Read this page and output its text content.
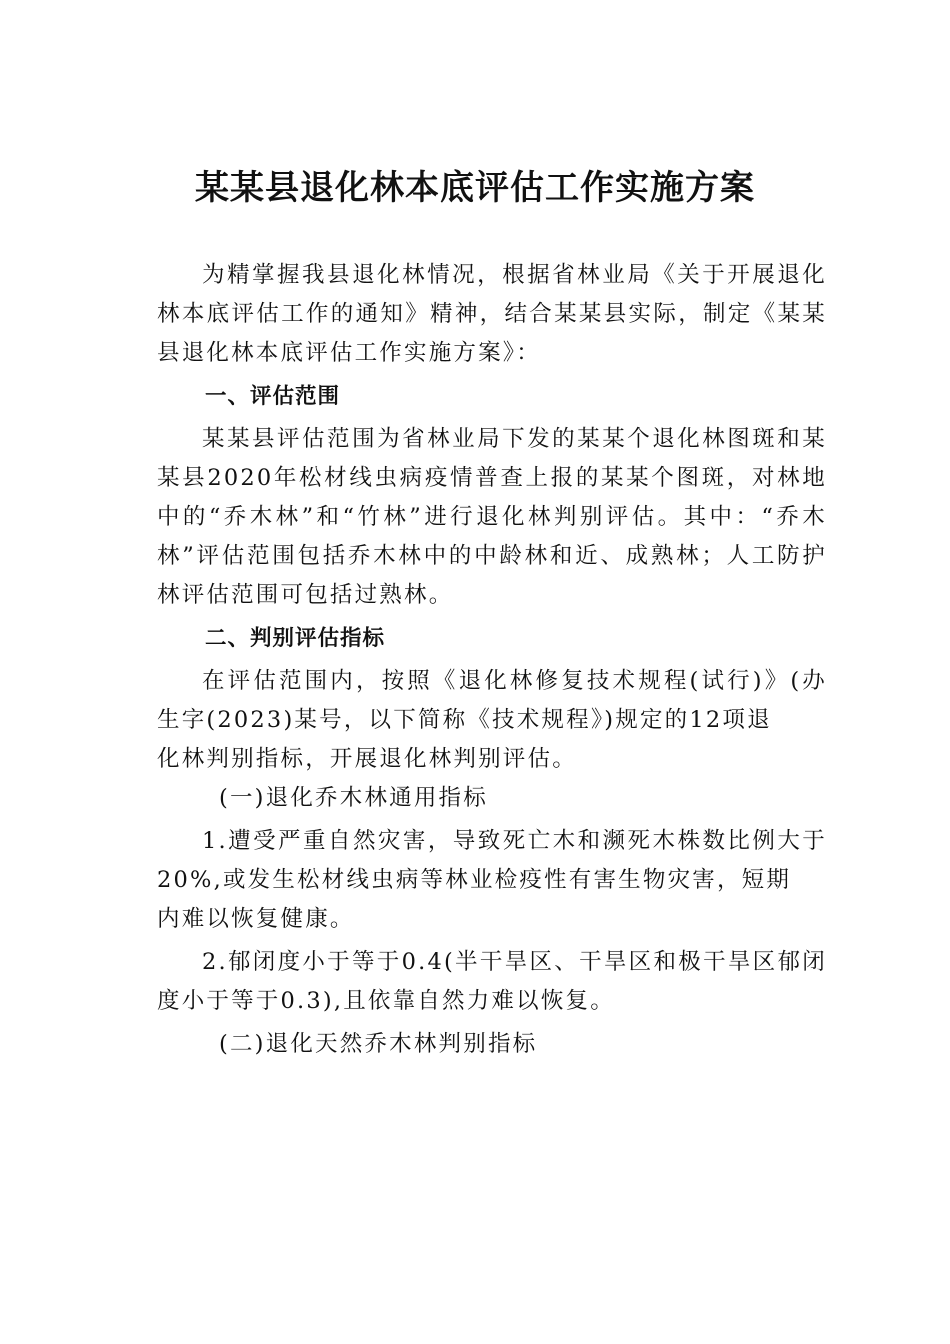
某某县退化林本底评估工作实施方案

为精掌握我县退化林情况，根据省林业局《关于开展退化林本底评估工作的通知》精神，结合某某县实际，制定《某某县退化林本底评估工作实施方案》：

一、评估范围

某某县评估范围为省林业局下发的某某个退化林图斑和某某县2020年松材线虫病疫情普查上报的某某个图斑，对林地中的“乔木林”和“竹林”进行退化林判别评估。其中：“乔木林”评估范围包括乔木林中的中龄林和近、成熟林；人工防护林评估范围可包括过熟林。

二、判别评估指标

在评估范围内，按照《退化林修复技术规程(试行)》(办生字(2023)某号，以下简称《技术规程》)规定的12项退

化林判别指标，开展退化林判别评估。

(一)退化乔木林通用指标

1.遭受严重自然灾害，导致死亡木和濒死木株数比例大于20%,或发生松材线虫病等林业检疫性有害生物灾害，短期

内难以恢复健康。

2.郁闭度小于等于0.4(半干旱区、干旱区和极干旱区郁闭度小于等于0.3),且依靠自然力难以恢复。

(二)退化天然乔木林判别指标
